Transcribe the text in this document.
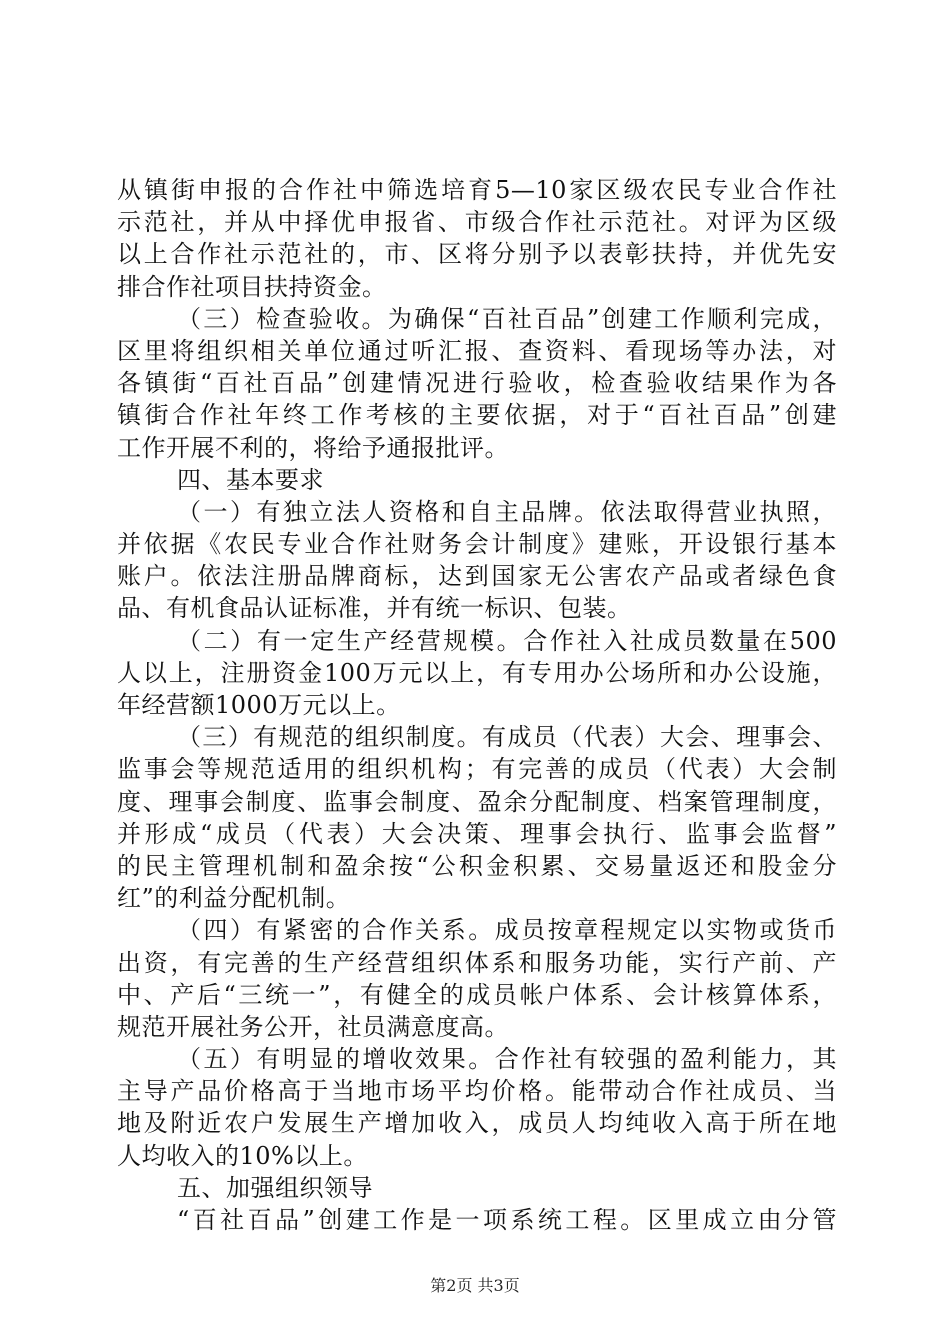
从镇街申报的合作社中筛选培育5—10家区级农民专业合作社
示范社，并从中择优申报省、市级合作社示范社。对评为区级
以上合作社示范社的，市、区将分别予以表彰扶持，并优先安
排合作社项目扶持资金。
（三）检查验收。为确保“百社百品”创建工作顺利完成，
区里将组织相关单位通过听汇报、查资料、看现场等办法，对
各镇街“百社百品”创建情况进行验收，检查验收结果作为各
镇街合作社年终工作考核的主要依据，对于“百社百品”创建
工作开展不利的，将给予通报批评。
四、基本要求
（一）有独立法人资格和自主品牌。依法取得营业执照，
并依据《农民专业合作社财务会计制度》建账，开设银行基本
账户。依法注册品牌商标，达到国家无公害农产品或者绿色食
品、有机食品认证标准，并有统一标识、包装。
（二）有一定生产经营规模。合作社入社成员数量在500
人以上，注册资金100万元以上，有专用办公场所和办公设施，
年经营额1000万元以上。
（三）有规范的组织制度。有成员（代表）大会、理事会、
监事会等规范适用的组织机构；有完善的成员（代表）大会制
度、理事会制度、监事会制度、盈余分配制度、档案管理制度，
并形成“成员（代表）大会决策、理事会执行、监事会监督”
的民主管理机制和盈余按“公积金积累、交易量返还和股金分
红”的利益分配机制。
（四）有紧密的合作关系。成员按章程规定以实物或货币
出资，有完善的生产经营组织体系和服务功能，实行产前、产
中、产后“三统一”，有健全的成员帐户体系、会计核算体系，
规范开展社务公开，社员满意度高。
（五）有明显的增收效果。合作社有较强的盈利能力，其
主导产品价格高于当地市场平均价格。能带动合作社成员、当
地及附近农户发展生产增加收入，成员人均纯收入高于所在地
人均收入的10%以上。
五、加强组织领导
“百社百品”创建工作是一项系统工程。区里成立由分管
第2页 共3页
